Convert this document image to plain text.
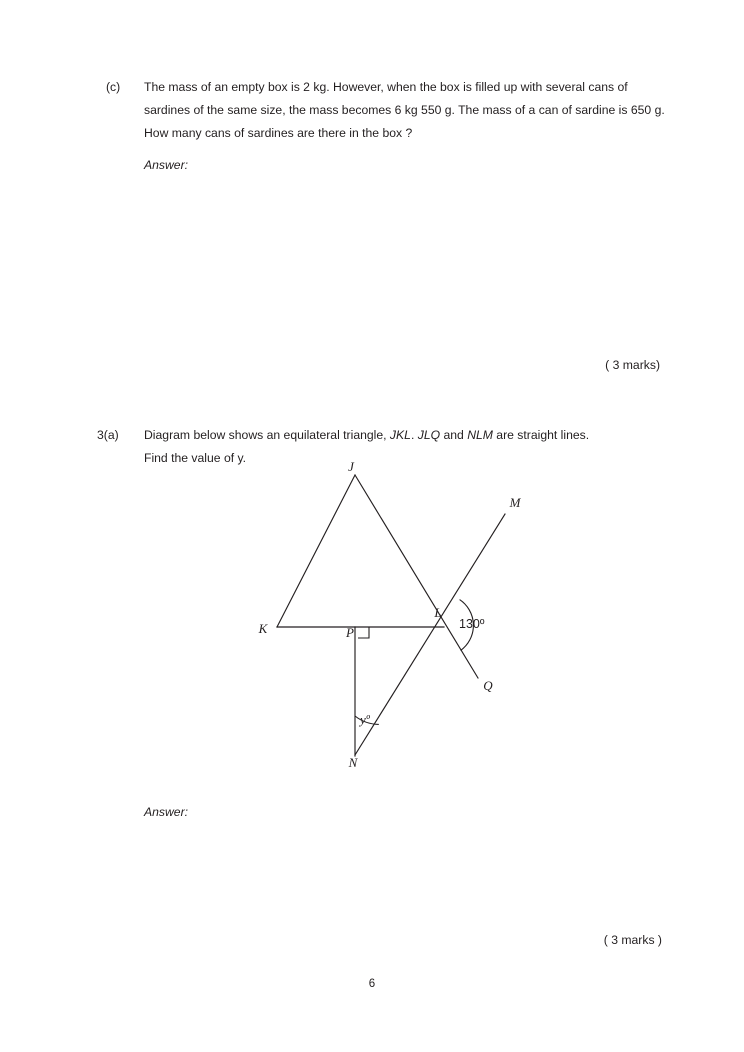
(c)	The mass of an empty box is 2 kg. However, when the box is filled up with several cans of sardines of the same size, the mass becomes 6 kg 550 g. The mass of a can of sardine is 650 g. How many cans of sardines are there in the box ?

Answer:
( 3 marks)
3(a)	Diagram below shows an equilateral triangle, JKL. JLQ and NLM are straight lines.

Find the value of y.

J
K
L
M
N
P
Q
130º
yº
Answer:
( 3 marks )
6
